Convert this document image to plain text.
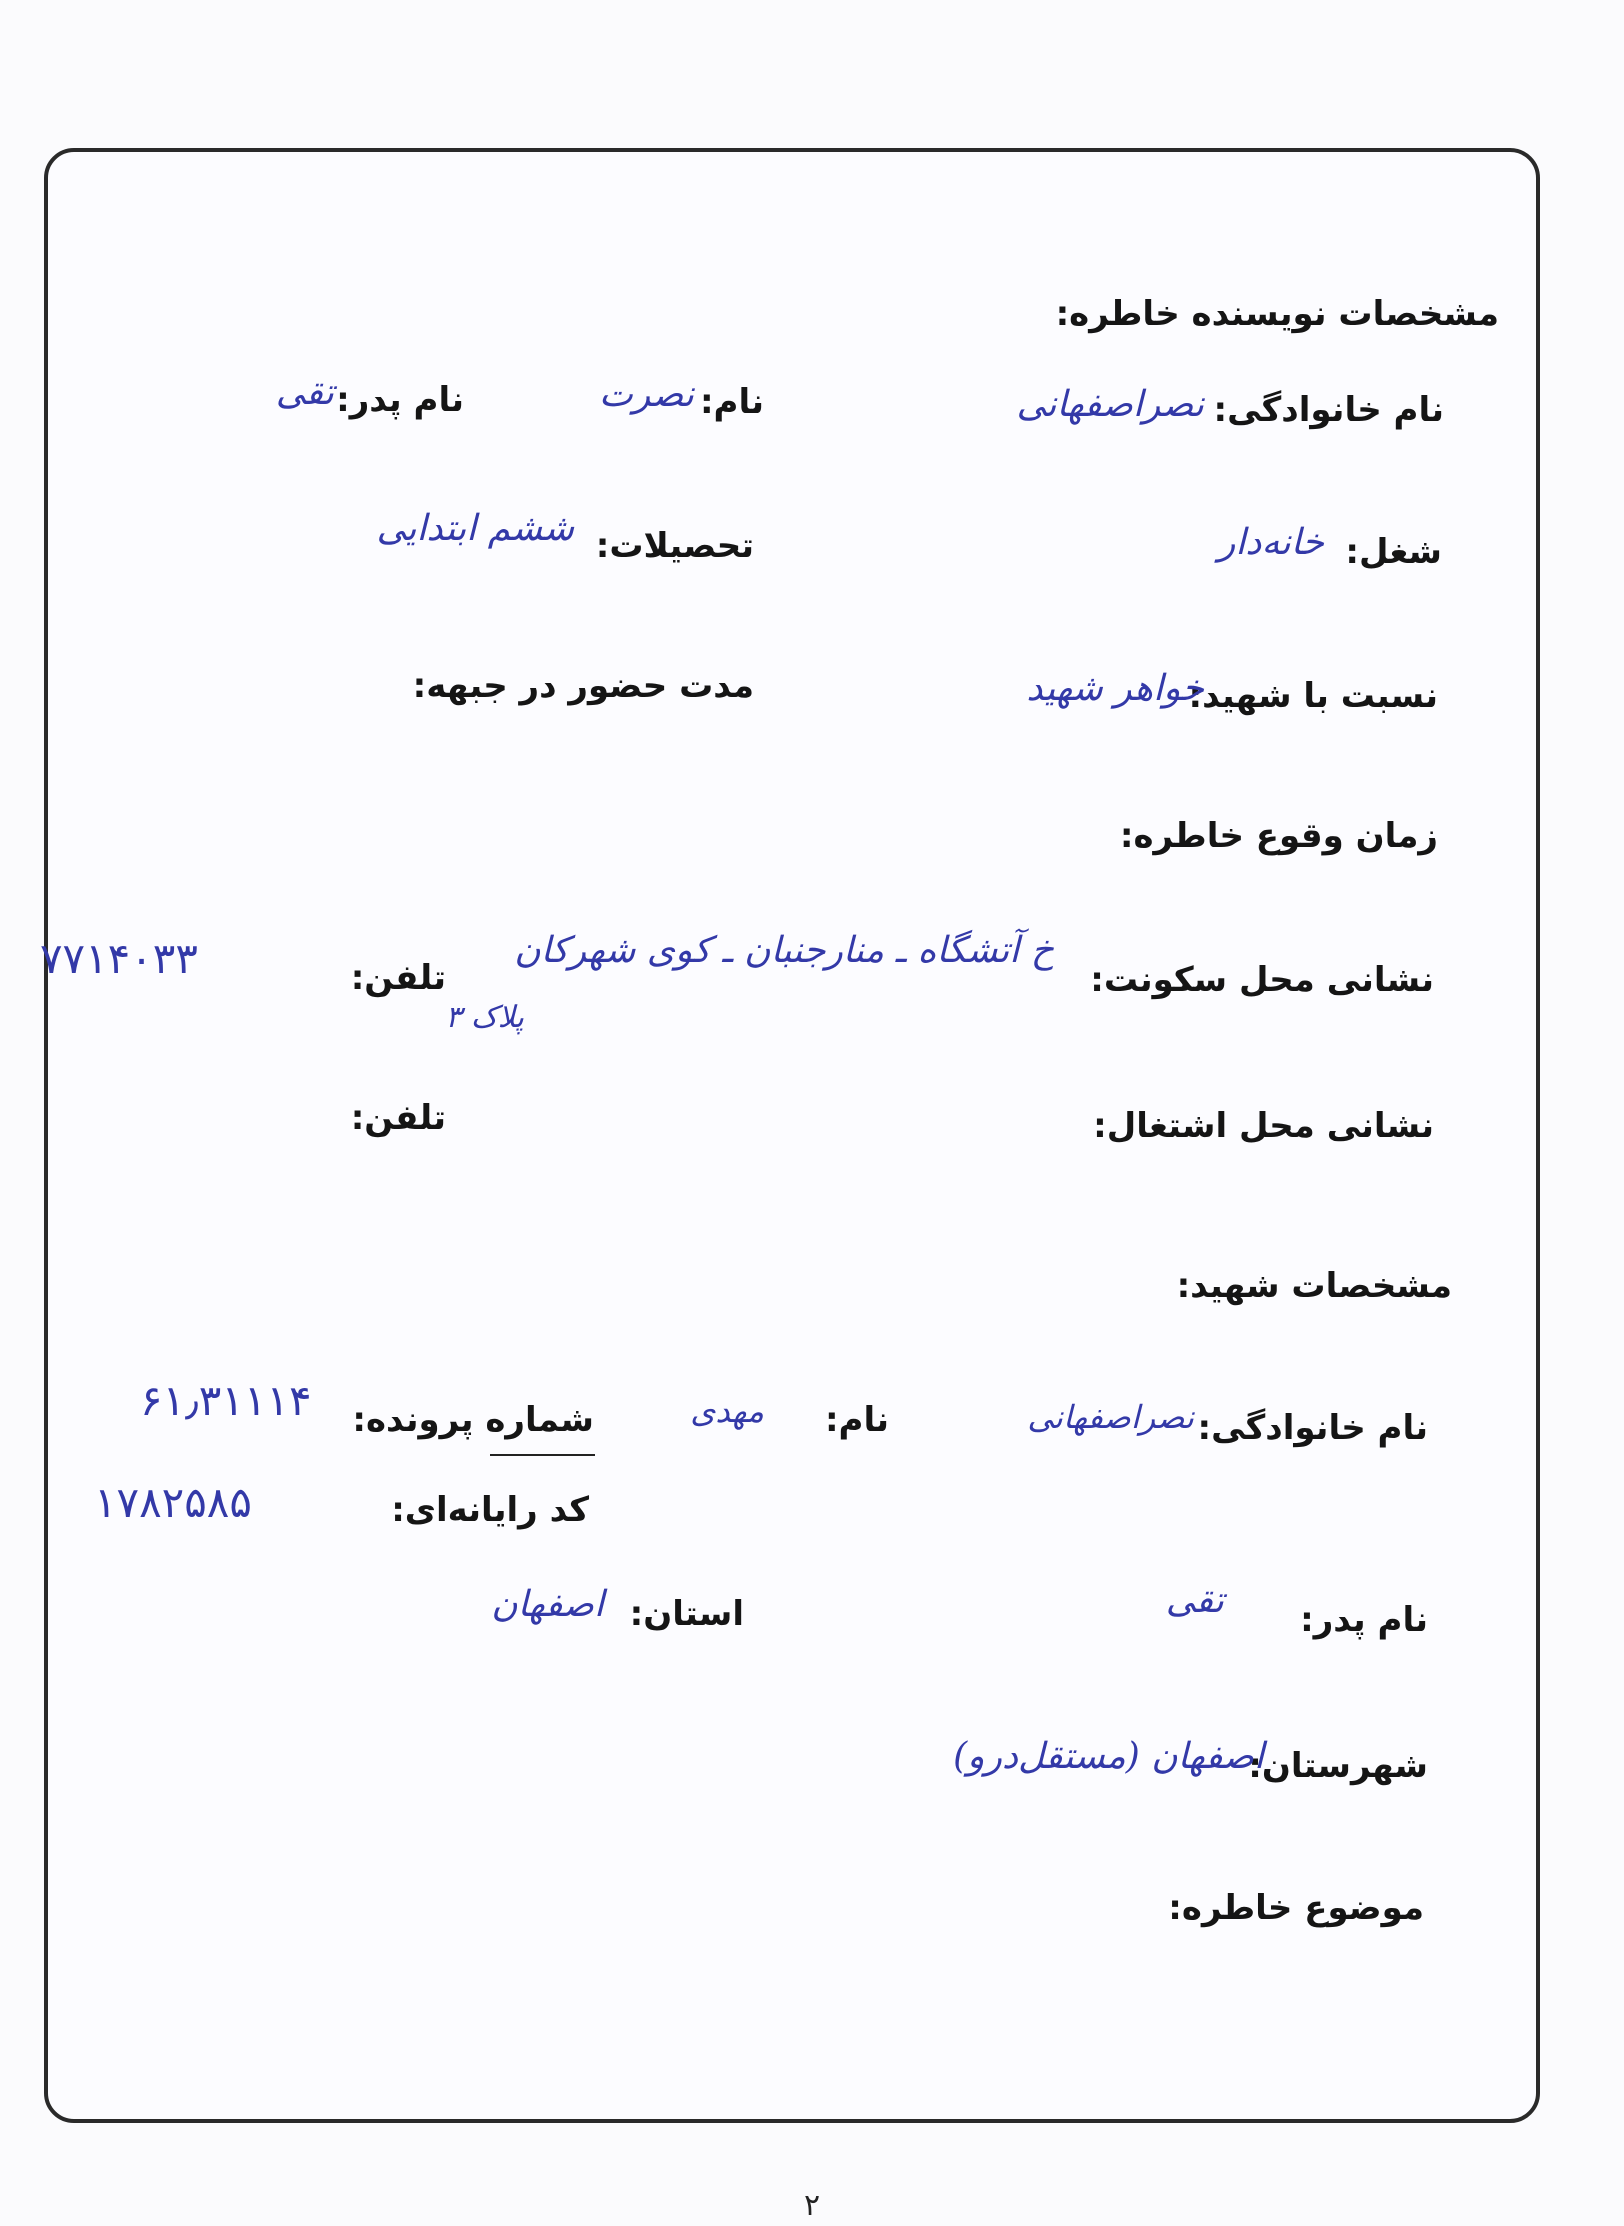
مشخصات نویسنده خاطره:
نام خانوادگی:
نصراصفهانی
نام:
نصرت
نام پدر:
تقی
شغل:
خانه‌دار
تحصیلات:
ششم ابتدایی
نسبت با شهید:
خواهر شهید
مدت حضور در جبهه:
زمان وقوع خاطره:
نشانی محل سکونت:
خ آتشگاه ـ منارجنبان ـ کوی شهرکان
پلاک ۳
تلفن:
۷۷۱۴۰۳۳
نشانی محل اشتغال:
تلفن:
مشخصات شهید:
نام خانوادگی:
نصراصفهانی
نام:
مهدی
شماره پرونده:
۶۱٫۳۱۱۱۴
کد رایانه‌ای:
۱۷۸۲۵۸۵
نام پدر:
تقی
استان:
اصفهان
شهرستان:
اصفهان (مستقل‌درو)
موضوع خاطره:
۲
